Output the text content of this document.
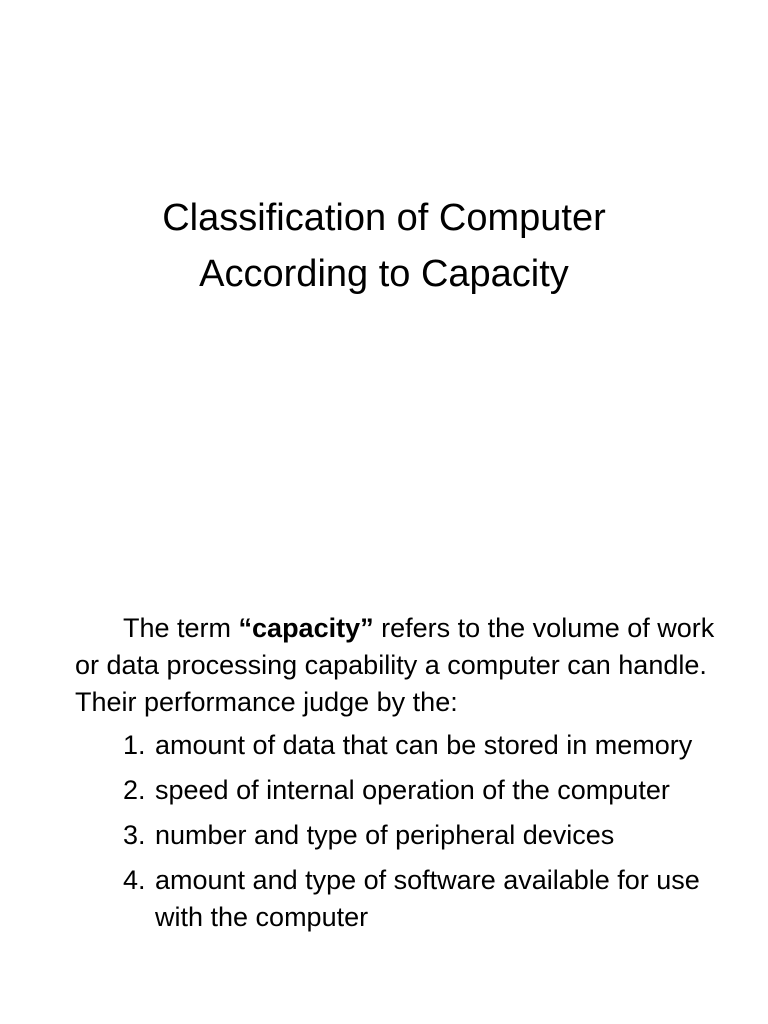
Classification of Computer
According to Capacity

The term “capacity” refers to the volume of work or data processing capability a computer can handle. Their performance judge by the:

1. amount of data that can be stored in memory
2. speed of internal operation of the computer
3. number and type of peripheral devices
4. amount and type of software available for use with the computer
